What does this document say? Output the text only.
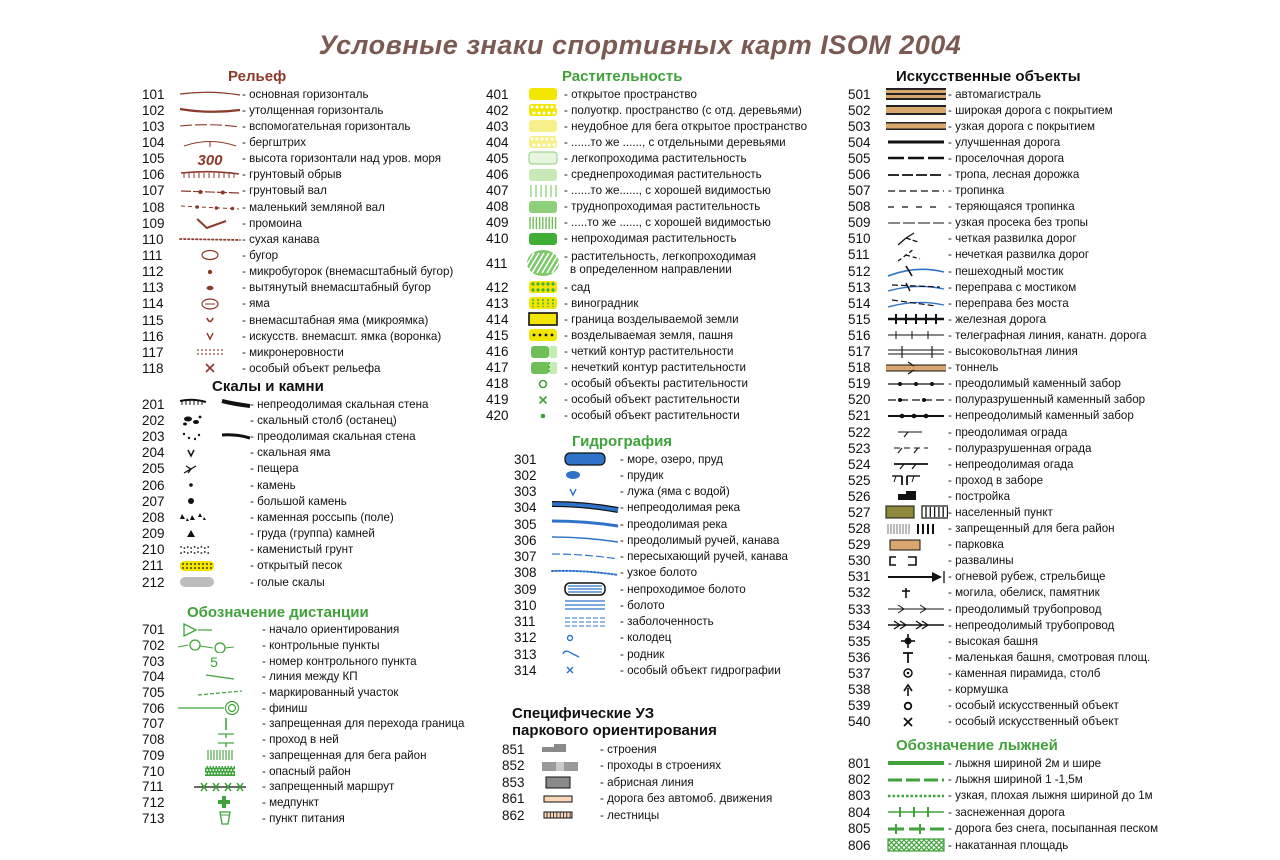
Условные знаки спортивных карт ISOM 2004
Рельеф
101	- основная горизонталь
102	- утолщенная горизонталь
103	- вспомогательная горизонталь
104	- бергштрих
105	300 - высота горизонтали над уров. моря
106	- грунтовый обрыв
107	- грунтовый вал
108	- маленький земляной вал
109	- промоина
110	- сухая канава
111	- бугор
112	- микробугорок (внемасштабный бугор)
113	- вытянутый внемасштабный бугор
114	- яма
115	- внемасштабная яма (микроямка)
116	- искусств. внемасшт. ямка (воронка)
117	- микронеровности
118	- особый объект рельефа
Скалы и камни
201	- непреодолимая скальная стена
202	- скальный столб (останец)
203	- преодолимая скальная стена
204	- скальная яма
205	- пещера
206	- камень
207	- большой камень
208	- каменная россыпь (поле)
209	- груда (группа) камней
210	- каменистый грунт
211	- открытый песок
212	- голые скалы
Обозначение дистанции
701	- начало ориентирования
702	- контрольные пункты
703	5	- номер контрольного пункта
704	- линия между КП
705	- маркированный участок
706	- финиш
707	- запрещенная для перехода граница
708	- проход в ней
709	- запрещенная для бега район
710	- опасный район
711	- запрещенный маршрут
712	- медпункт
713	- пункт питания
Растительность
401	- открытое пространство
402	- полуоткр. пространство (с отд. деревьями)
403	- неудобное для бега открытое пространство
404	- ......то же ......, с отдельными деревьями
405	- легкопроходима растительность
406	- среднепроходимая растительность
407	- ......то же......, с хорошей видимостью
408	- труднопроходимая растительность
409	- .....то же ......, с хорошей видимостью
410	- непроходимая растительность
411	- растительность, легкопроходимая
в определенном направлении
412	- сад
413	- виноградник
414	- граница возделываемой земли
415	- возделываемая земля, пашня
416	- четкий контур растительности
417	- нечеткий контур растительности
418	- особый объекты растительности
419	- особый объект растительности
420	- особый объект растительности
Гидрография
301	- море, озеро, пруд
302	- прудик
303	- лужа (яма с водой)
304	- непреодолимая река
305	- преодолимая река
306	- преодолимый ручей, канава
307	- пересыхающий ручей, канава
308	- узкое болото
309	- непроходимое болото
310	- болото
311	- заболоченность
312	- колодец
313	- родник
314	- особый объект гидрографии
Специфические УЗ
паркового ориентирования
851	- строения
852	- проходы в строениях
853	- абрисная линия
861	- дорога без автомоб. движения
862	- лестницы
Искусственные объекты
501	- автомагистраль
502	- широкая дорога с покрытием
503	- узкая дорога с покрытием
504	- улучшенная дорога
505	- проселочная дорога
506	- тропа, лесная дорожка
507	- тропинка
508	- теряющаяся тропинка
509	- узкая просека без тропы
510	- четкая развилка дорог
511	- нечеткая развилка дорог
512	- пешеходный мостик
513	- переправа с мостиком
514	- переправа без моста
515	- железная дорога
516	- телеграфная линия, канатн. дорога
517	- высоковольтная линия
518	- тоннель
519	- преодолимый каменный забор
520	- полуразрушенный каменный забор
521	- непреодолимый каменный забор
522	- преодолимая ограда
523	- полуразрушенная ограда
524	- непреодолимая огада
525	- проход в заборе
526	- постройка
527	- населенный пункт
528	- запрещенный для бега район
529	- парковка
530	- развалины
531	- огневой рубеж, стрельбище
532	- могила, обелиск, памятник
533	- преодолимый трубопровод
534	- непреодолимый трубопровод
535	- высокая башня
536	- маленькая башня, смотровая площ.
537	- каменная пирамида, столб
538	- кормушка
539	- особый искусственный объект
540	- особый искусственный объект
Обозначение лыжней
801	- лыжня шириной 2м и шире
802	- лыжня шириной 1 -1,5м
803	- узкая, плохая лыжня шириной до 1м
804	- заснеженная дорога
805	- дорога без снега, посыпанная песком
806	- накатанная площадь
